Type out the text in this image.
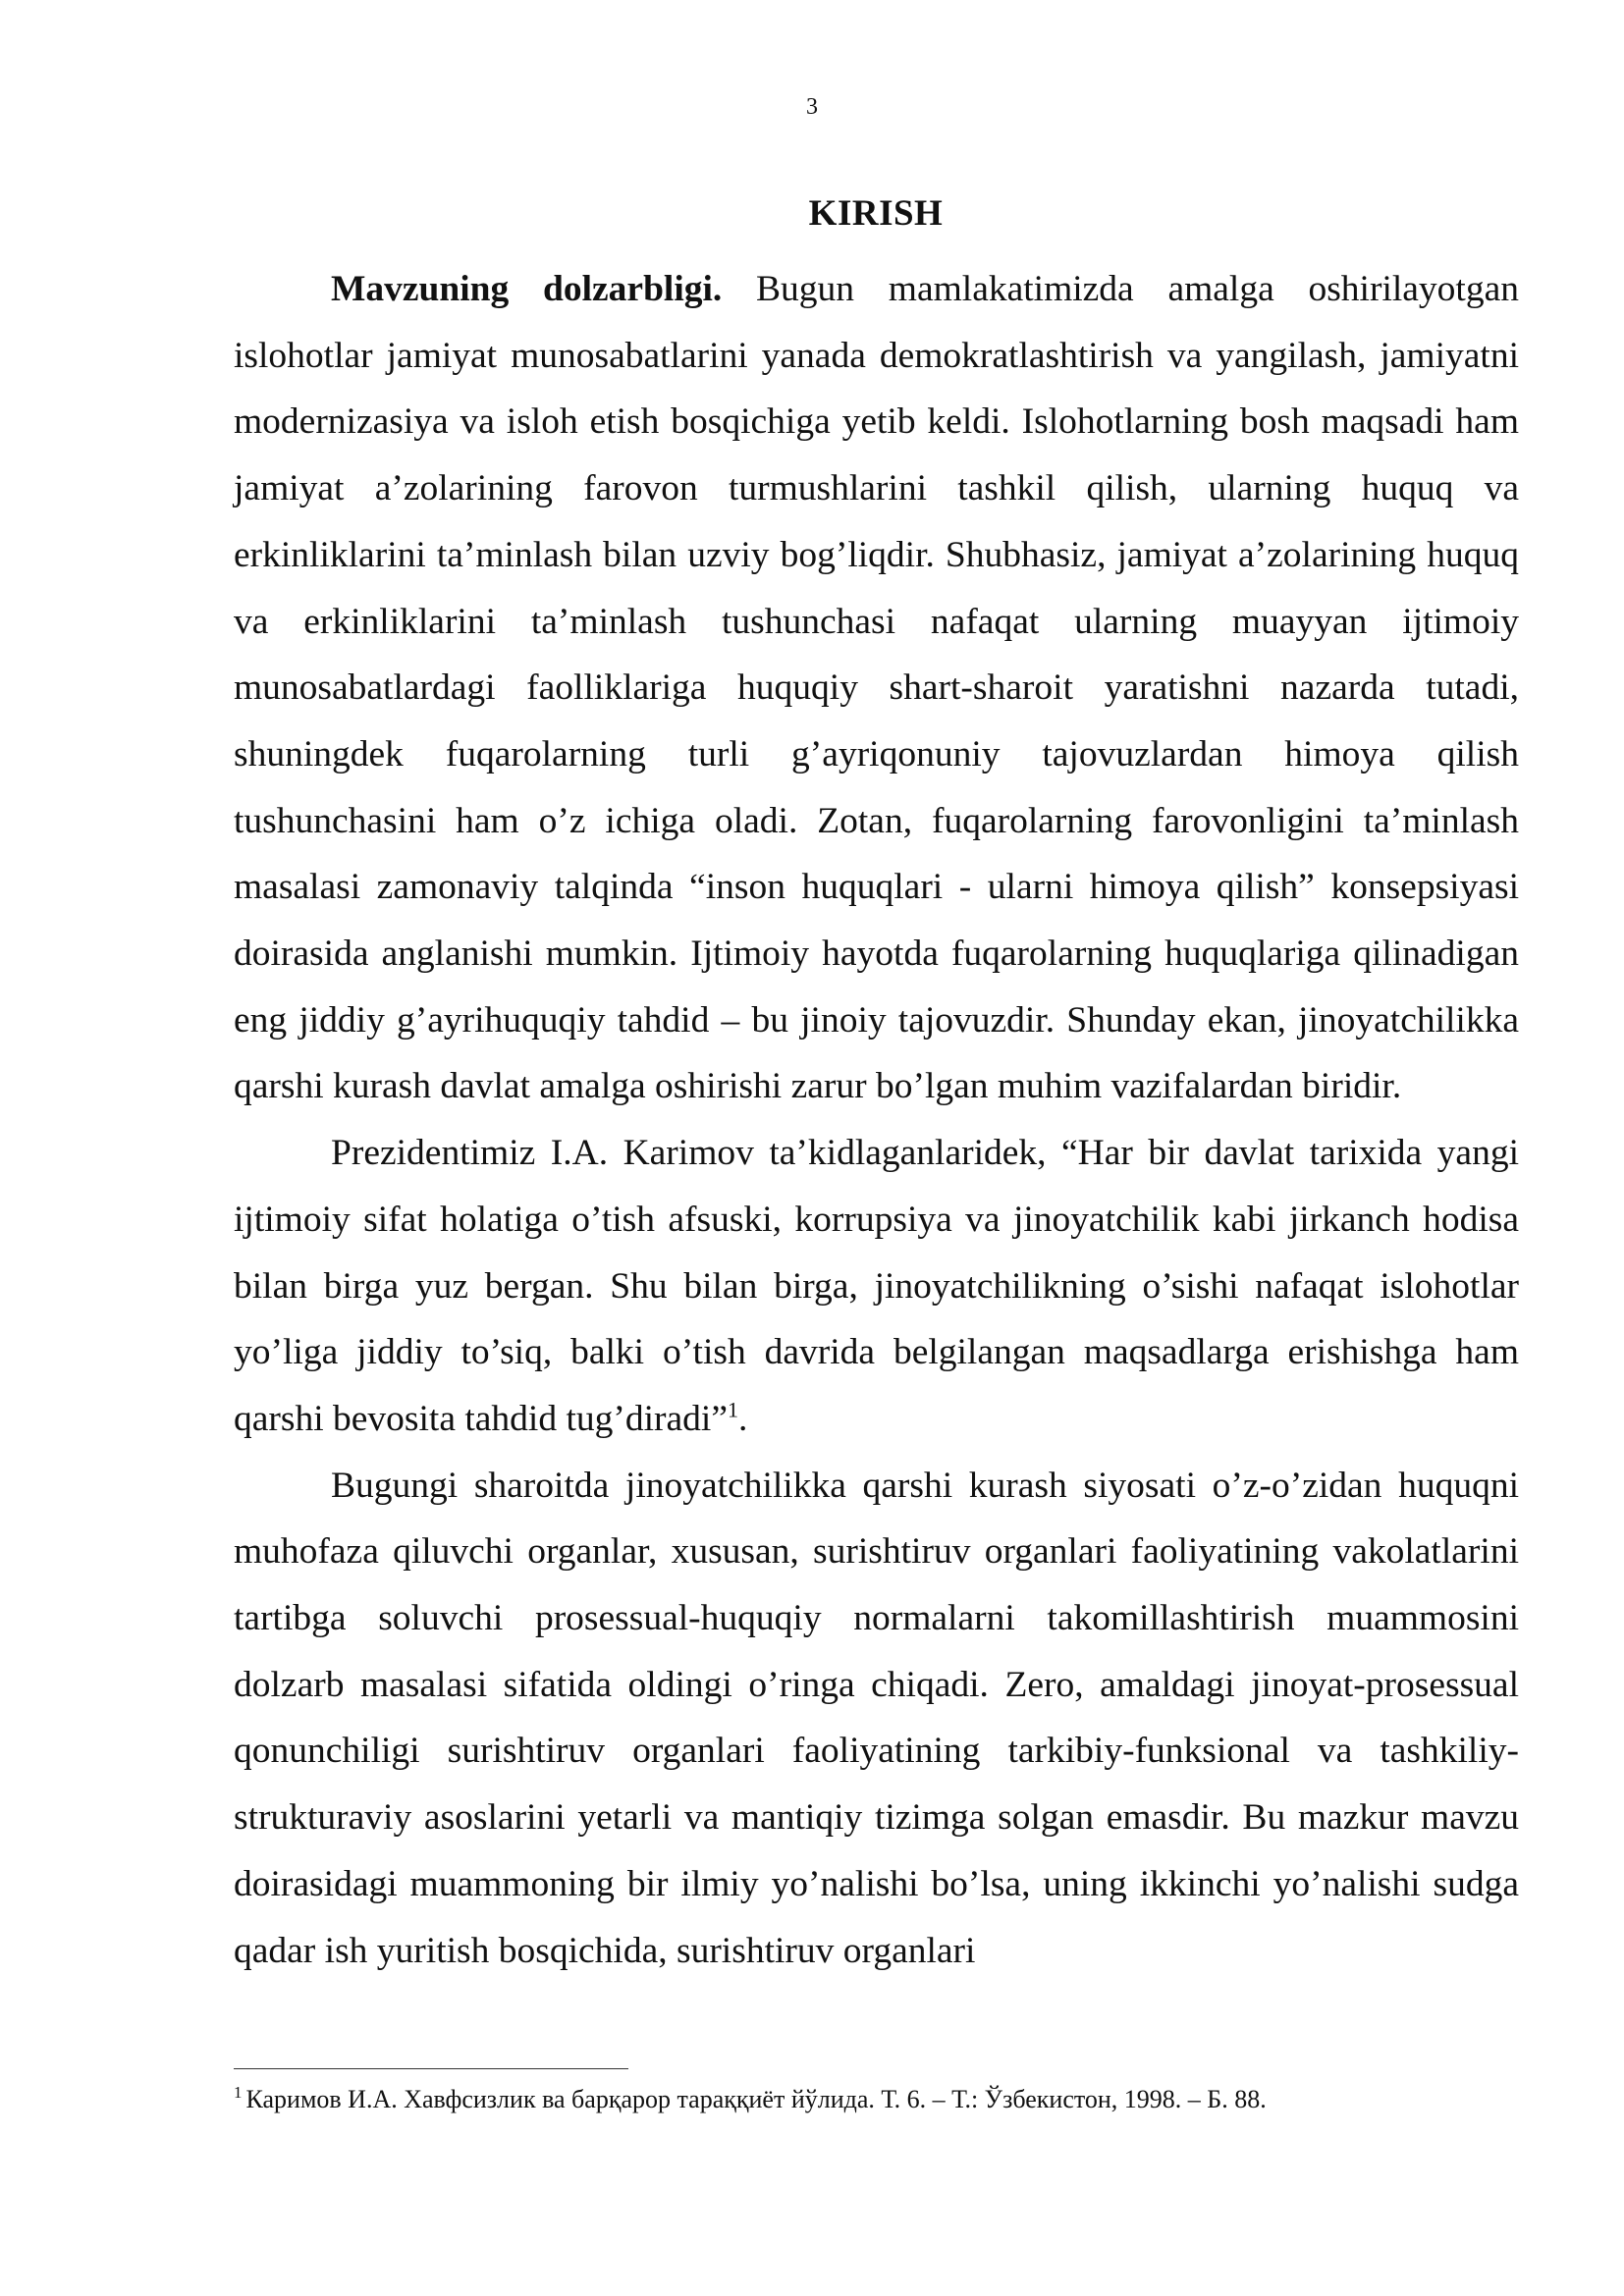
3
KIRISH

Mavzuning dolzarbligi. Bugun mamlakatimizda amalga oshirilayotgan islohotlar jamiyat munosabatlarini yanada demokratlashtirish va yangilash, jamiyatni modernizasiya va isloh etish bosqichiga yetib keldi. Islohotlarning bosh maqsadi ham jamiyat a’zolarining farovon turmushlarini tashkil qilish, ularning huquq va erkinliklarini ta’minlash bilan uzviy bog’liqdir. Shubhasiz, jamiyat a’zolarining huquq va erkinliklarini ta’minlash tushunchasi nafaqat ularning muayyan ijtimoiy munosabatlardagi faolliklariga huquqiy shart-sharoit yaratishni nazarda tutadi, shuningdek fuqarolarning turli g’ayriqonuniy tajovuzlardan himoya qilish tushunchasini ham o’z ichiga oladi. Zotan, fuqarolarning farovonligini ta’minlash masalasi zamonaviy talqinda “inson huquqlari - ularni himoya qilish” konsepsiyasi doirasida anglanishi mumkin. Ijtimoiy hayotda fuqarolarning huquqlariga qilinadigan eng jiddiy g’ayrihuquqiy tahdid – bu jinoiy tajovuzdir. Shunday ekan, jinoyatchilikka qarshi kurash davlat amalga oshirishi zarur bo’lgan muhim vazifalardan biridir.

Prezidentimiz I.A. Karimov ta’kidlaganlaridek, “Har bir davlat tarixida yangi ijtimoiy sifat holatiga o’tish afsuski, korrupsiya va jinoyatchilik kabi jirkanch hodisa bilan birga yuz bergan. Shu bilan birga, jinoyatchilikning o’sishi nafaqat islohotlar yo’liga jiddiy to’siq, balki o’tish davrida belgilangan maqsadlarga erishishga ham qarshi bevosita tahdid tug’diradi”$^1$.

Bugungi sharoitda jinoyatchilikka qarshi kurash siyosati o’z-o’zidan huquqni muhofaza qiluvchi organlar, xususan, surishtiruv organlari faoliyatining vakolatlarini tartibga soluvchi prosessual-huquqiy normalarni takomillashtirish muammosini dolzarb masalasi sifatida oldingi o’ringa chiqadi. Zero, amaldagi jinoyat-prosessual qonunchiligi surishtiruv organlari faoliyatining tarkibiy-funksional va tashkiliy-strukturaviy asoslarini yetarli va mantiqiy tizimga solgan emasdir. Bu mazkur mavzu doirasidagi muammoning bir ilmiy yo’nalishi bo’lsa, uning ikkinchi yo’nalishi sudga qadar ish yuritish bosqichida, surishtiruv organlari

$^1$ Каримов И.А. Хавфсизлик ва барқарор тараққиёт йўлида. Т. 6. – Т.: Ўзбекистон, 1998. – Б. 88.
